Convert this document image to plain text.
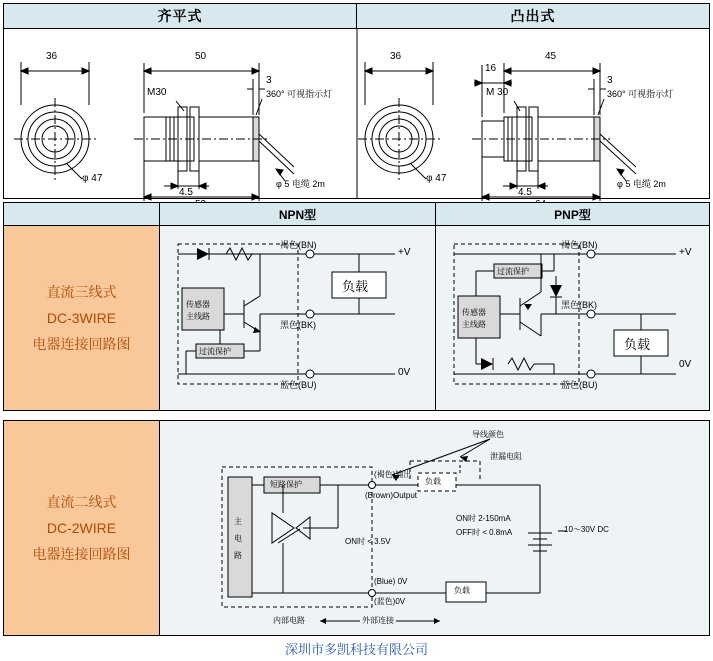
齐平式	凸出式
36
φ 47
50
M30
4.5
3
360° 可视指示灯
φ 5 电缆 2m
36
φ 47
45
16
M 30
4.5
3
360° 可视指示灯
φ 5 电缆 2m
NPN型	PNP型
直流三线式
DC-3WIRE
电器连接回路图
传感器
主线路
过流保护
负载
褐色(BN)
黑色(BK)
蓝色(BU)
+V
0V
传感器
主线路
过流保护
负载
褐色(BN)
黑色(BK)
蓝色(BU)
+V
0V
直流二线式
DC-2WIRE
电器连接回路图
主
电
路
短路保护
导线颜色
泄漏电阻
负载
负载
(褐色)输出
(Brown)Output
ON时 2-150mA
OFF时 < 0.8mA	10～30V DC
ON时 < 3.5V
(Blue) 0V
(蓝色)0V
内部电路	外部连接
深圳市多凯科技有限公司
